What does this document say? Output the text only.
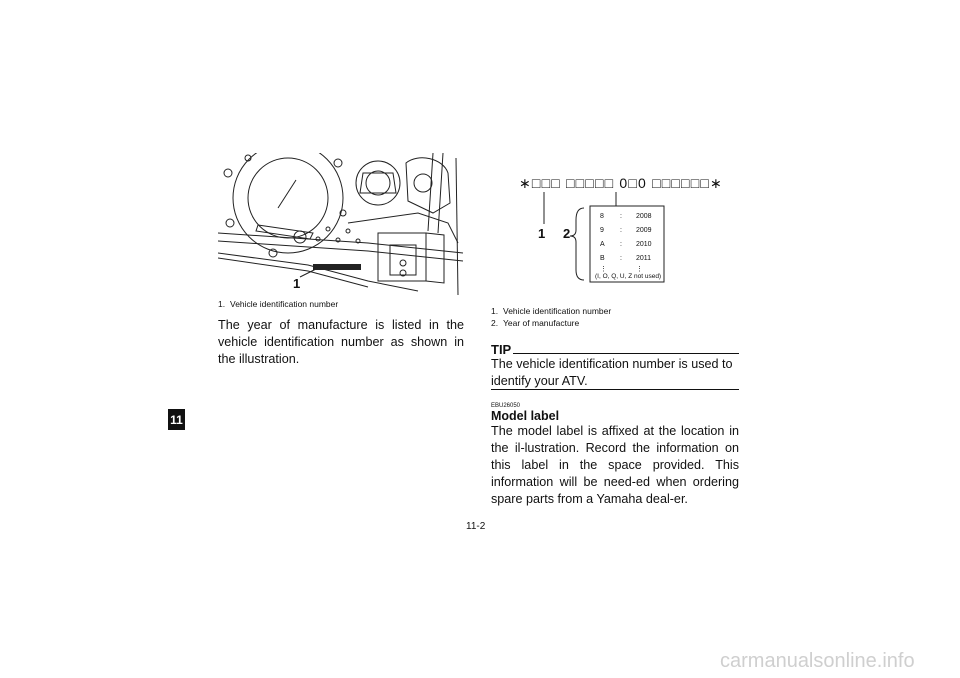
11
1
1. Vehicle identification number
The year of manufacture is listed in the vehicle identification number as shown in the illustration.
∗□□□ □□□□□ 0□0 □□□□□□∗
1 2
8 : 2008
9 : 2009
A : 2010
B : 2011
⋮	⋮
(I, O, Q, U, Z not used)
1. Vehicle identification number
2. Year of manufacture
TIP
The vehicle identification number is used to identify your ATV.
EBU26050
Model label
The model label is affixed at the location in the il-lustration. Record the information on this label in the space provided. This information will be need-ed when ordering spare parts from a Yamaha deal-er.
11-2
carmanualsonline.info
